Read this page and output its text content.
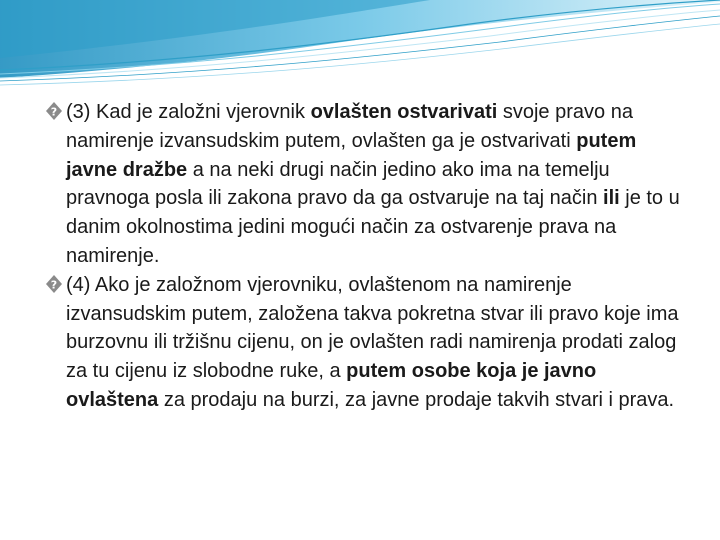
? (3) Kad je založni vjerovnik ovlašten ostvarivati svoje pravo na namirenje izvansudskim putem, ovlašten ga je ostvarivati putem javne dražbe a na neki drugi način jedino ako ima na temelju pravnoga posla ili zakona pravo da ga ostvaruje na taj način ili je to u danim okolnostima jedini mogući način za ostvarenje prava na namirenje.

? (4) Ako je založnom vjerovniku, ovlaštenom na namirenje izvansudskim putem, založena takva pokretna stvar ili pravo koje ima burzovnu ili tržišnu cijenu, on je ovlašten radi namirenja prodati zalog za tu cijenu iz slobodne ruke, a putem osobe koja je javno ovlaštena za prodaju na burzi, za javne prodaje takvih stvari i prava.
